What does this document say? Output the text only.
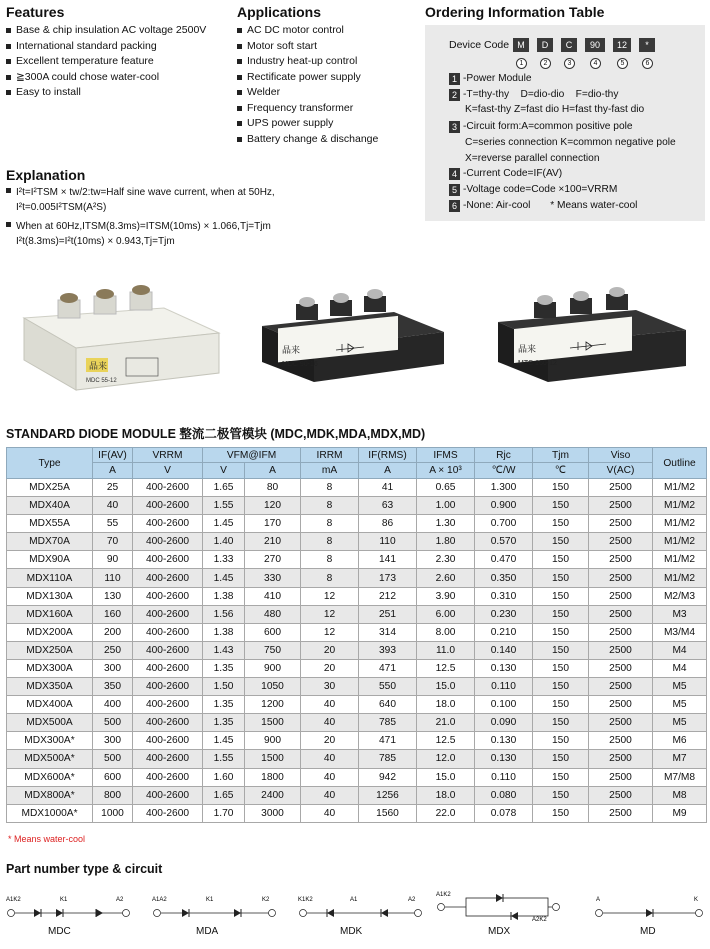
Features
Base & chip insulation AC voltage 2500V
International standard packing
Excellent temperature feature
≧300A could chose water-cool
Easy to install
Applications
AC DC motor control
Motor soft start
Industry heat-up control
Rectificate power supply
Welder
Frequency transformer
UPS power supply
Battery change & dischange
Ordering Information Table
Device Code M	D	C	90	12	*
1	2	3	4	5	6
1 -Power Module
2 -T=thy-thy    D=dio-dio    F=dio-thy
K=fast-thy Z=fast dio H=fast thy-fast dio
3 -Circuit form:A=common positive pole
C=series connection K=common negative pole
X=reverse parallel connection
4 -Current Code=IF(AV)
5 -Voltage code=Code ×100=VRRM
6 -None: Air-cool       * Means water-cool
Explanation
I²t=I²TSM × tw/2:tw=Half sine wave current, when at 50Hz,
I²t=0.005I²TSM(A²S)
When at 60Hz,ITSM(8.3ms)=ITSM(10ms) × 1.066,Tj=Tjm
I²t(8.3ms)=I²t(10ms) × 0.943,Tj=Tjm
晶来
MDC 55-12
晶来
MDC 90-16
晶来
MTC 160-12
STANDARD DIODE MODULE 整流二极管模块 (MDC,MDK,MDA,MDX,MD)
Type	IF(AV)	VRRM	VFM@IFM		IRRM	IF(RMS)	IFMS	Rjc	Tjm	Viso	Outline
	A	V	V	A	mA	A	A × 10³	℃/W	℃	V(AC)	
MDX25A	25	400-2600	1.65	80	8	41	0.65	1.300	150	2500	M1/M2
MDX40A	40	400-2600	1.55	120	8	63	1.00	0.900	150	2500	M1/M2
MDX55A	55	400-2600	1.45	170	8	86	1.30	0.700	150	2500	M1/M2
MDX70A	70	400-2600	1.40	210	8	110	1.80	0.570	150	2500	M1/M2
MDX90A	90	400-2600	1.33	270	8	141	2.30	0.470	150	2500	M1/M2
MDX110A	110	400-2600	1.45	330	8	173	2.60	0.350	150	2500	M1/M2
MDX130A	130	400-2600	1.38	410	12	212	3.90	0.310	150	2500	M2/M3
MDX160A	160	400-2600	1.56	480	12	251	6.00	0.230	150	2500	M3
MDX200A	200	400-2600	1.38	600	12	314	8.00	0.210	150	2500	M3/M4
MDX250A	250	400-2600	1.43	750	20	393	11.0	0.140	150	2500	M4
MDX300A	300	400-2600	1.35	900	20	471	12.5	0.130	150	2500	M4
MDX350A	350	400-2600	1.50	1050	30	550	15.0	0.110	150	2500	M5
MDX400A	400	400-2600	1.35	1200	40	640	18.0	0.100	150	2500	M5
MDX500A	500	400-2600	1.35	1500	40	785	21.0	0.090	150	2500	M5
MDX300A*	300	400-2600	1.45	900	20	471	12.5	0.130	150	2500	M6
MDX500A*	500	400-2600	1.55	1500	40	785	12.0	0.130	150	2500	M7
MDX600A*	600	400-2600	1.60	1800	40	942	15.0	0.110	150	2500	M7/M8
MDX800A*	800	400-2600	1.65	2400	40	1256	18.0	0.080	150	2500	M8
MDX1000A*	1000	400-2600	1.70	3000	40	1560	22.0	0.078	150	2500	M9
* Means water-cool
Part number type & circuit
A1K2	K1	A2
MDC
A1A2	K1	K2
MDA
K1K2	A1	A2
MDK
A1K2
A2K2
MDX
A	K
MD
